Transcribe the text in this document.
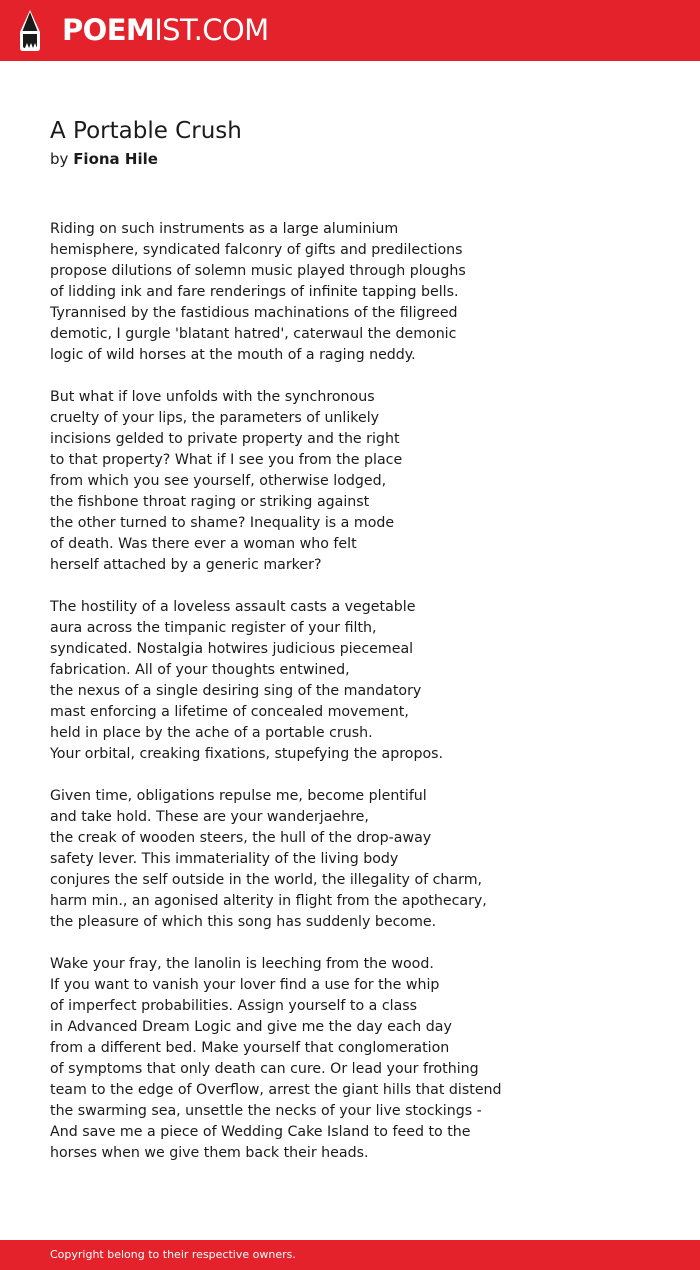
POEMIST.COM
A Portable Crush
by Fiona Hile
Riding on such instruments as a large aluminium
hemisphere, syndicated falconry of gifts and predilections
propose dilutions of solemn music played through ploughs
of lidding ink and fare renderings of infinite tapping bells.
Tyrannised by the fastidious machinations of the filigreed
demotic, I gurgle 'blatant hatred', caterwaul the demonic
logic of wild horses at the mouth of a raging neddy.
But what if love unfolds with the synchronous
cruelty of your lips, the parameters of unlikely
incisions gelded to private property and the right
to that property? What if I see you from the place
from which you see yourself, otherwise lodged,
the fishbone throat raging or striking against
the other turned to shame? Inequality is a mode
of death. Was there ever a woman who felt
herself attached by a generic marker?
The hostility of a loveless assault casts a vegetable
aura across the timpanic register of your filth,
syndicated. Nostalgia hotwires judicious piecemeal
fabrication. All of your thoughts entwined,
the nexus of a single desiring sing of the mandatory
mast enforcing a lifetime of concealed movement,
held in place by the ache of a portable crush.
Your orbital, creaking fixations, stupefying the apropos.
Given time, obligations repulse me, become plentiful
and take hold. These are your wanderjaehre,
the creak of wooden steers, the hull of the drop-away
safety lever. This immateriality of the living body
conjures the self outside in the world, the illegality of charm,
harm min., an agonised alterity in flight from the apothecary,
the pleasure of which this song has suddenly become.
Wake your fray, the lanolin is leeching from the wood.
If you want to vanish your lover find a use for the whip
of imperfect probabilities. Assign yourself to a class
in Advanced Dream Logic and give me the day each day
from a different bed. Make yourself that conglomeration
of symptoms that only death can cure. Or lead your frothing
team to the edge of Overflow, arrest the giant hills that distend
the swarming sea, unsettle the necks of your live stockings -
And save me a piece of Wedding Cake Island to feed to the
horses when we give them back their heads.
Copyright belong to their respective owners.
